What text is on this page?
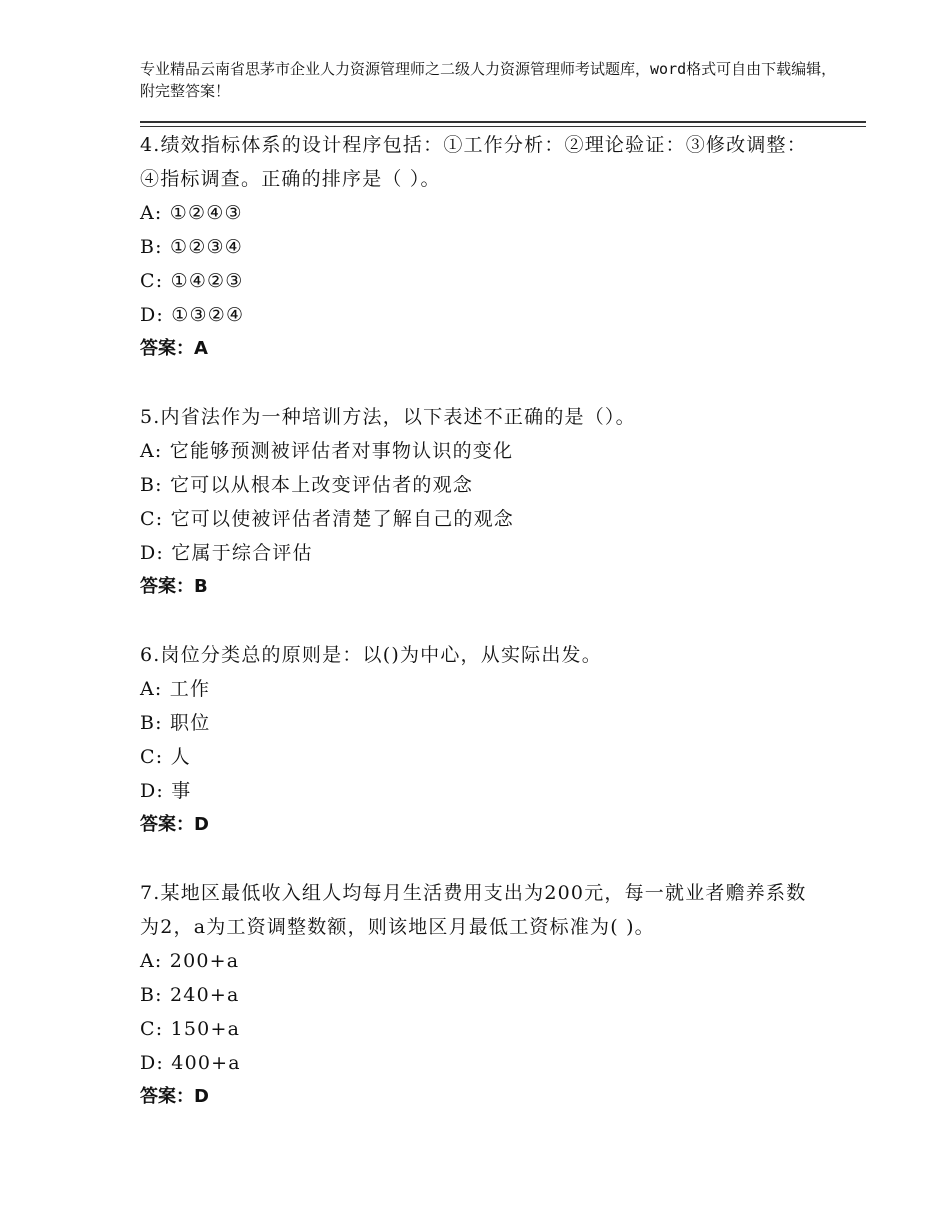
专业精品云南省思茅市企业人力资源管理师之二级人力资源管理师考试题库，word格式可自由下载编辑，附完整答案！
4.绩效指标体系的设计程序包括：①工作分析：②理论验证：③修改调整：④指标调查。正确的排序是（ ）。
A: ①②④③
B: ①②③④
C: ①④②③
D: ①③②④
答案：A
5.内省法作为一种培训方法，以下表述不正确的是（）。
A: 它能够预测被评估者对事物认识的变化
B: 它可以从根本上改变评估者的观念
C: 它可以使被评估者清楚了解自己的观念
D: 它属于综合评估
答案：B
6.岗位分类总的原则是：以()为中心，从实际出发。
A: 工作
B: 职位
C: 人
D: 事
答案：D
7.某地区最低收入组人均每月生活费用支出为200元，每一就业者赡养系数为2，a为工资调整数额，则该地区月最低工资标准为( )。
A: 200+a
B: 240+a
C: 150+a
D: 400+a
答案：D
